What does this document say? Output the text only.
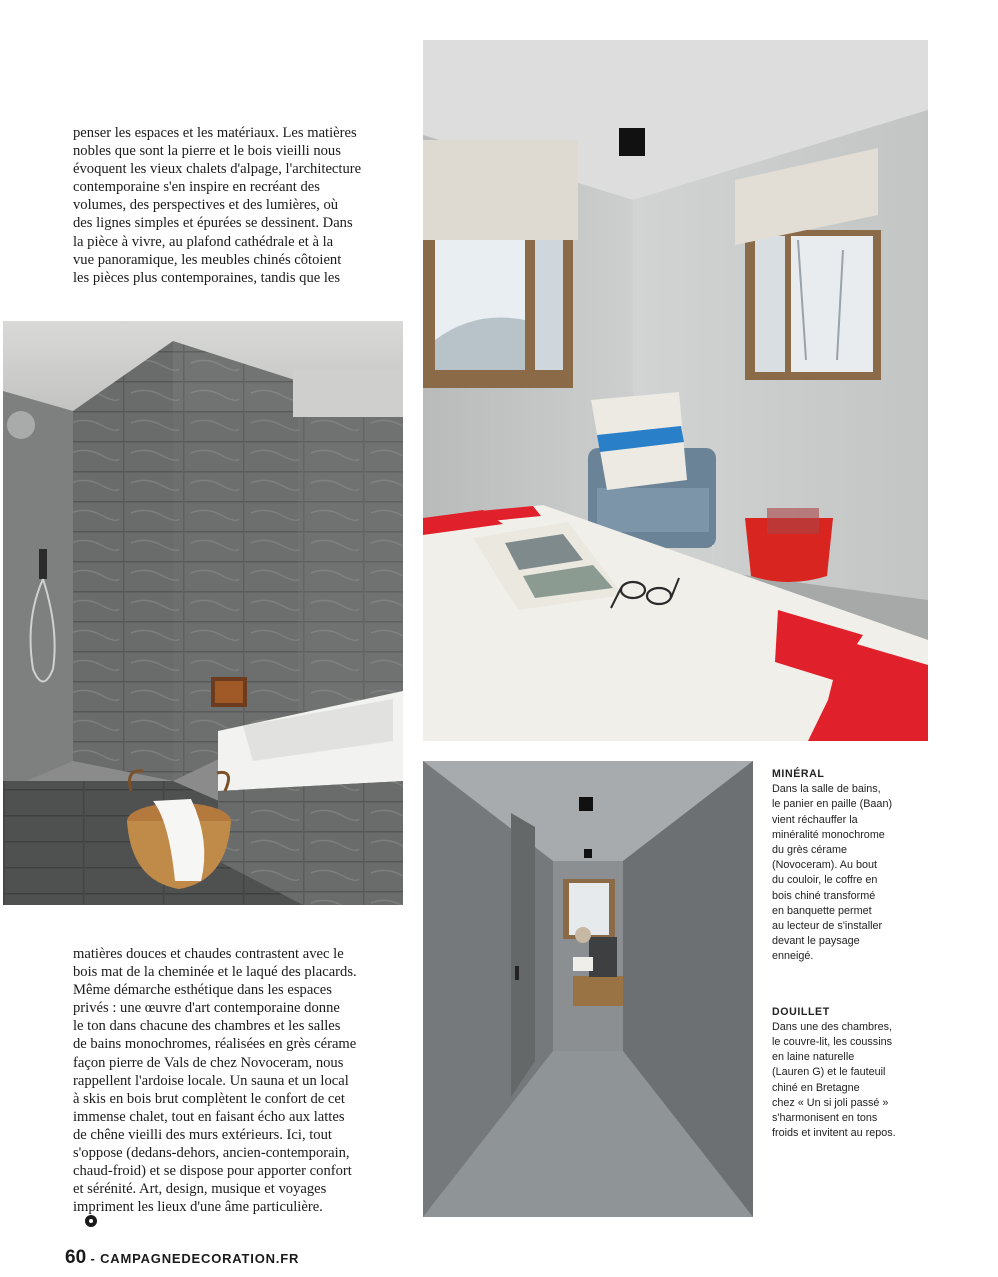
penser les espaces et les matériaux. Les matières
nobles que sont la pierre et le bois vieilli nous
évoquent les vieux chalets d'alpage, l'architecture
contemporaine s'en inspire en recréant des
volumes, des perspectives et des lumières, où
des lignes simples et épurées se dessinent. Dans
la pièce à vivre, au plafond cathédrale et à la
vue panoramique, les meubles chinés côtoient
les pièces plus contemporaines, tandis que les

matières douces et chaudes contrastent avec le
bois mat de la cheminée et le laqué des placards.
Même démarche esthétique dans les espaces
privés : une œuvre d'art contemporaine donne
le ton dans chacune des chambres et les salles
de bains monochromes, réalisées en grès cérame
façon pierre de Vals de chez Novoceram, nous
rappellent l'ardoise locale. Un sauna et un local
à skis en bois brut complètent le confort de cet
immense chalet, tout en faisant écho aux lattes
de chêne vieilli des murs extérieurs. Ici, tout
s'oppose (dedans-dehors, ancien-contemporain,
chaud-froid) et se dispose pour apporter confort
et sérénité. Art, design, musique et voyages
impriment les lieux d'une âme particulière.

MINÉRAL
Dans la salle de bains,
le panier en paille (Baan)
vient réchauffer la
minéralité monochrome
du grès cérame
(Novoceram). Au bout
du couloir, le coffre en
bois chiné transformé
en banquette permet
au lecteur de s'installer
devant le paysage
enneigé.
DOUILLET
Dans une des chambres,
le couvre-lit, les coussins
en laine naturelle
(Lauren G) et le fauteuil
chiné en Bretagne
chez « Un si joli passé »
s'harmonisent en tons
froids et invitent au repos.
60 - CAMPAGNEDECORATION.FR
